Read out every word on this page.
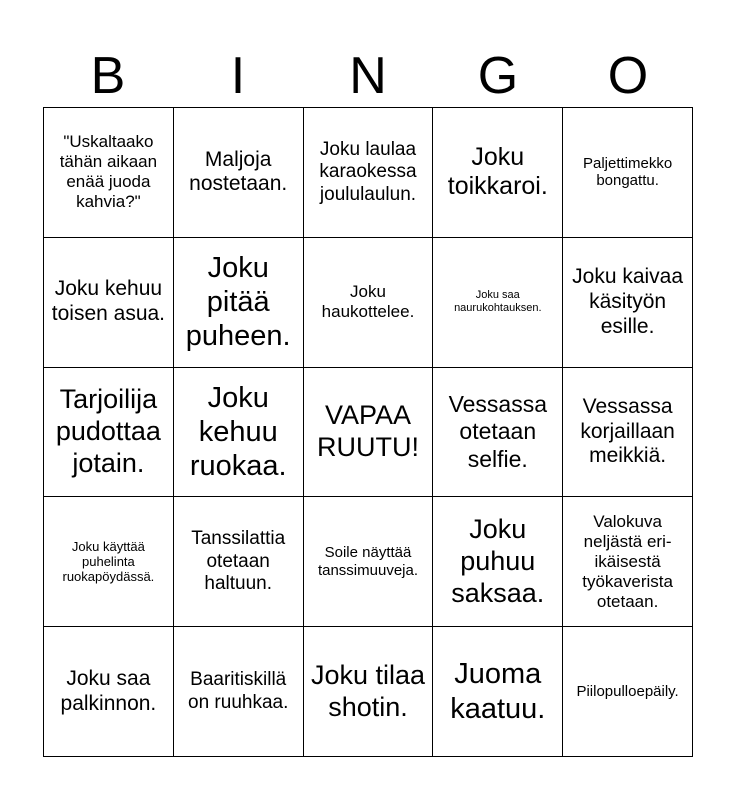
B	I	N	G	O
"Uskaltaako tähän aikaan enää juoda kahvia?"
Maljoja nostetaan.
Joku laulaa karaokessa joululaulun.
Joku toikkaroi.
Paljettimekko bongattu.
Joku kehuu toisen asua.
Joku pitää puheen.
Joku haukottelee.
Joku saa naurukohtauksen.
Joku kaivaa käsityön esille.
Tarjoilija pudottaa jotain.
Joku kehuu ruokaa.
VAPAA RUUTU!
Vessassa otetaan selfie.
Vessassa korjaillaan meikkiä.
Joku käyttää puhelinta ruokapöydässä.
Tanssilattia otetaan haltuun.
Soile näyttää tanssimuuveja.
Joku puhuu saksaa.
Valokuva neljästä eri-ikäisestä työkaverista otetaan.
Joku saa palkinnon.
Baaritiskillä on ruuhkaa.
Joku tilaa shotin.
Juoma kaatuu.
Piilopulloepäily.
